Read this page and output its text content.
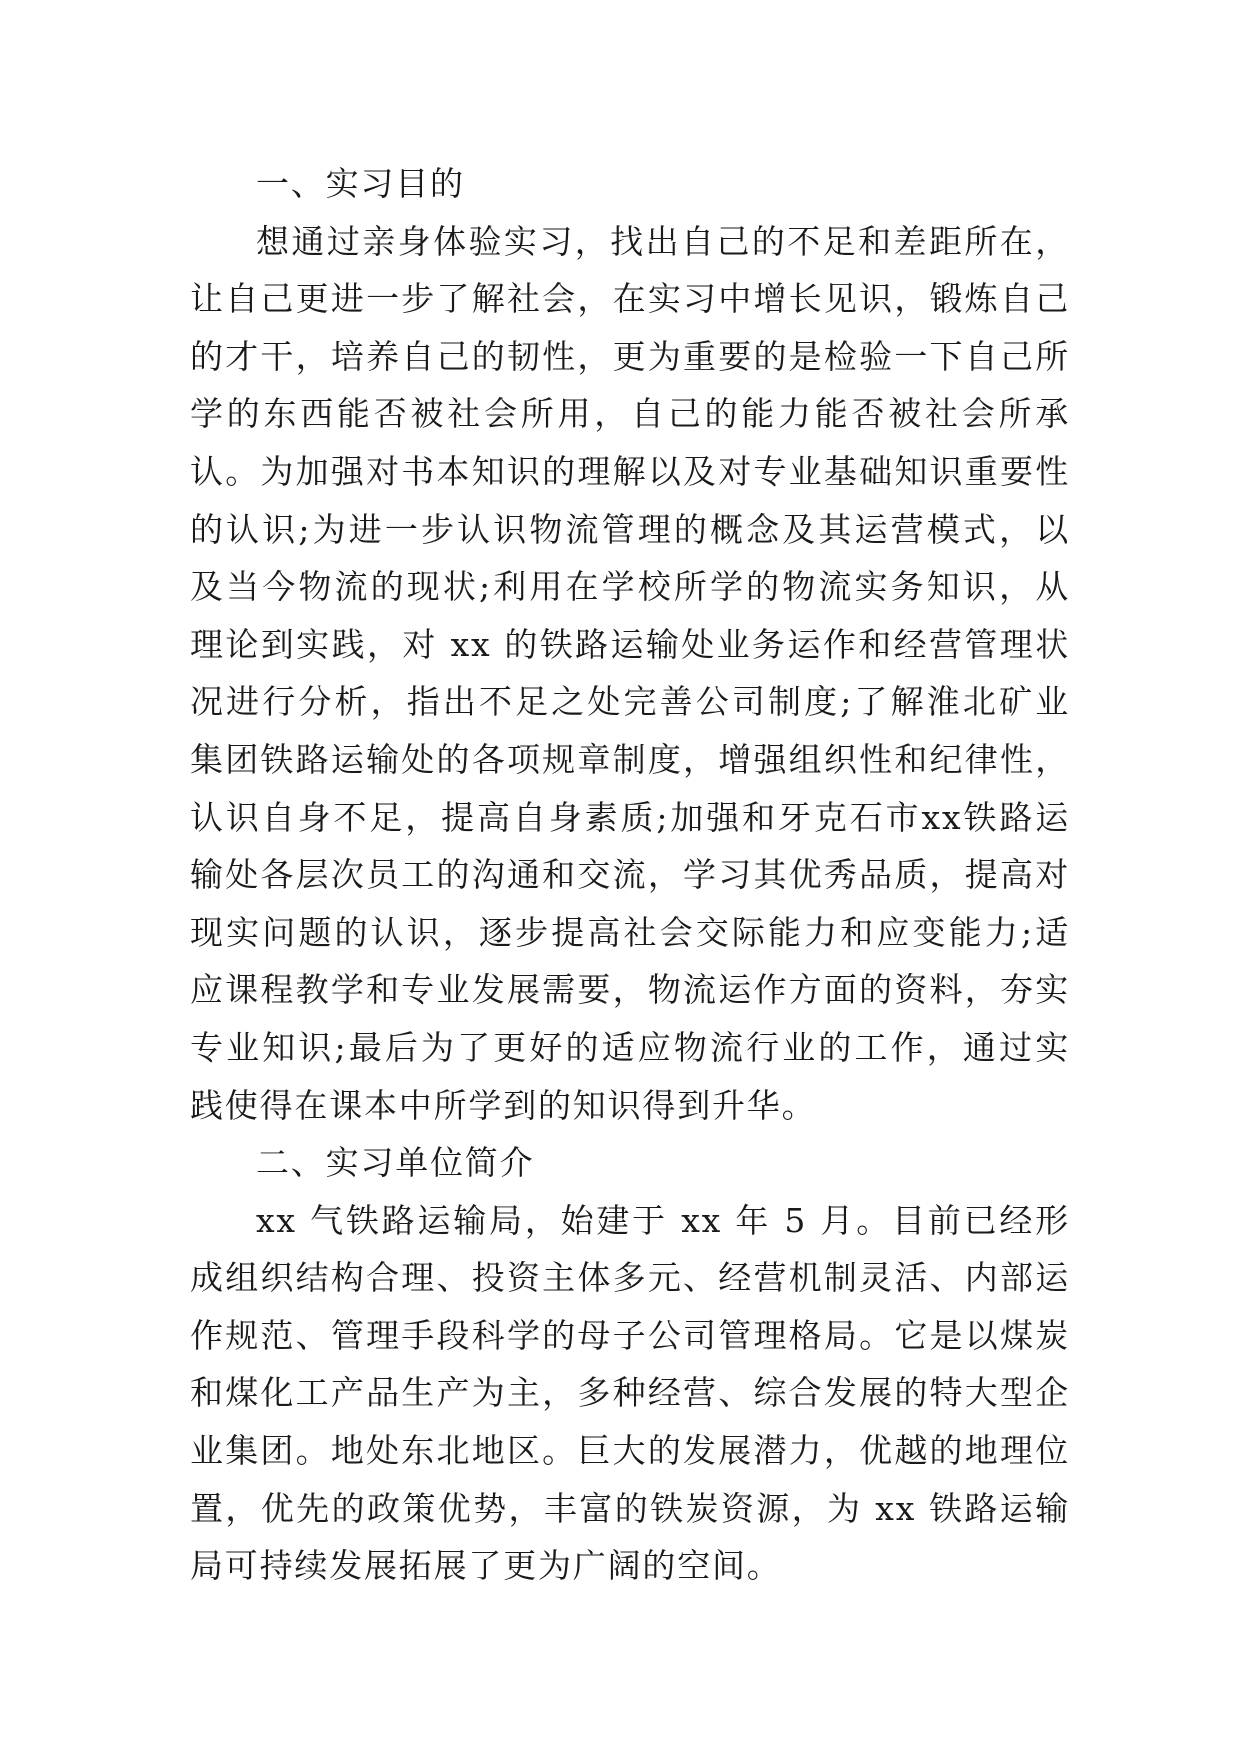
一、实习目的

想通过亲身体验实习，找出自己的不足和差距所在，让自己更进一步了解社会，在实习中增长见识，锻炼自己的才干，培养自己的韧性，更为重要的是检验一下自己所学的东西能否被社会所用，自己的能力能否被社会所承认。为加强对书本知识的理解以及对专业基础知识重要性的认识;为进一步认识物流管理的概念及其运营模式，以及当今物流的现状;利用在学校所学的物流实务知识，从理论到实践，对 xx 的铁路运输处业务运作和经营管理状况进行分析，指出不足之处完善公司制度;了解淮北矿业集团铁路运输处的各项规章制度，增强组织性和纪律性，认识自身不足，提高自身素质;加强和牙克石市xx铁路运输处各层次员工的沟通和交流，学习其优秀品质，提高对现实问题的认识，逐步提高社会交际能力和应变能力;适应课程教学和专业发展需要，物流运作方面的资料，夯实专业知识;最后为了更好的适应物流行业的工作，通过实践使得在课本中所学到的知识得到升华。

二、实习单位简介

xx 气铁路运输局，始建于 xx 年 5 月。目前已经形成组织结构合理、投资主体多元、经营机制灵活、内部运作规范、管理手段科学的母子公司管理格局。它是以煤炭和煤化工产品生产为主，多种经营、综合发展的特大型企业集团。地处东北地区。巨大的发展潜力，优越的地理位置，优先的政策优势，丰富的铁炭资源，为 xx 铁路运输局可持续发展拓展了更为广阔的空间。
